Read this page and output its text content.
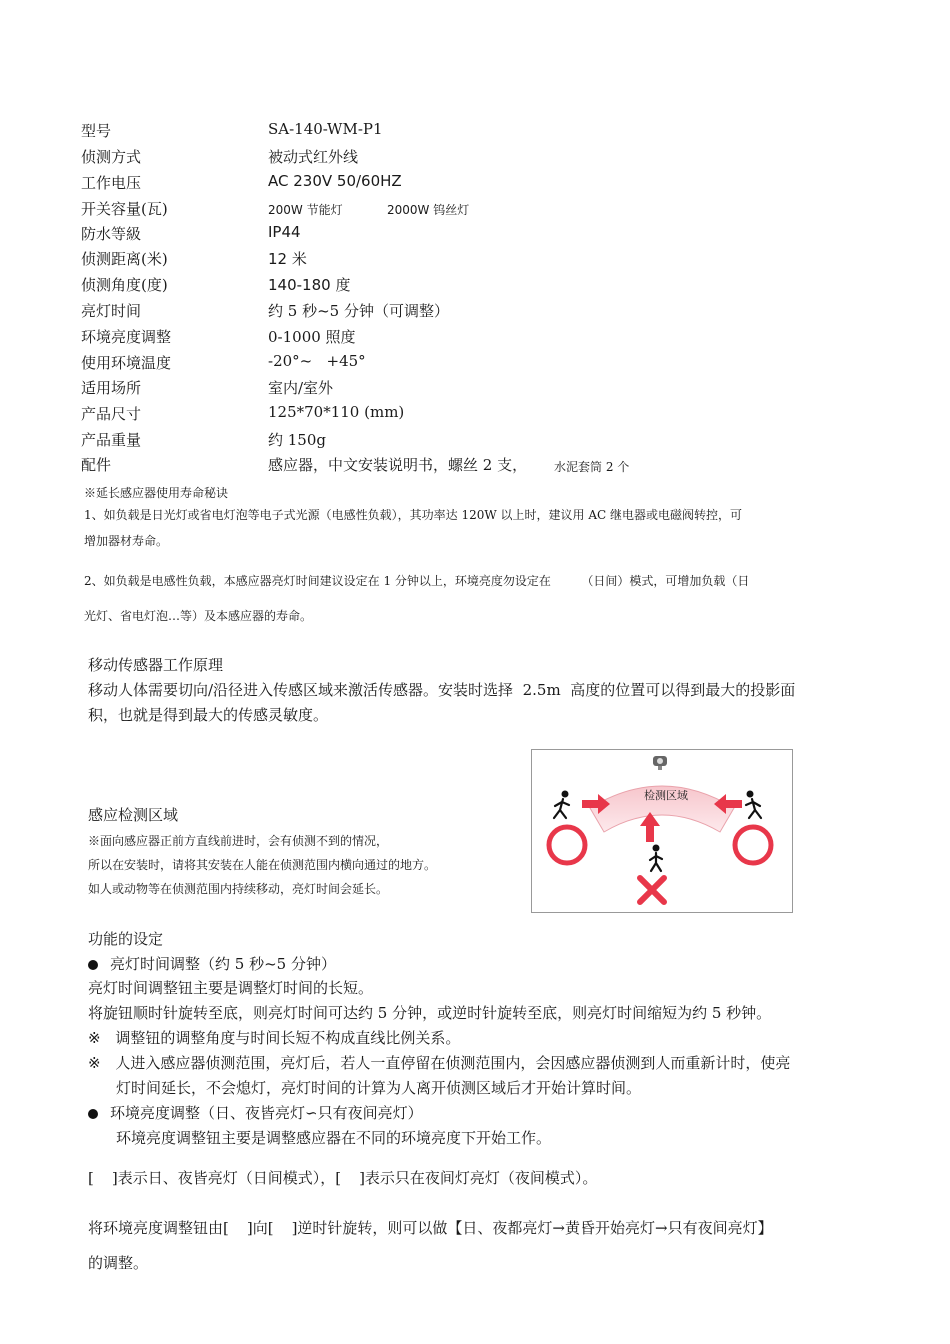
型号	SA-140-WM-P1
侦测方式	被动式红外线
工作电压	AC 230V 50/60HZ
开关容量(瓦)	200W 节能灯	2000W 钨丝灯
防水等級	IP44
侦测距离(米)	12 米
侦测角度(度)	140-180 度
亮灯时间	约 5 秒~5 分钟（可调整）
环境亮度调整	0-1000 照度
使用环境温度	-20°~   +45°
适用场所	室内/室外
产品尺寸	125*70*110 (mm)
产品重量	约 150g
配件	感应器，中文安装说明书，螺丝 2 支， 水泥套筒 2 个
※延长感应器使用寿命秘诀
1、如负载是日光灯或省电灯泡等电子式光源（电感性负载），其功率达 120W 以上时，建议用 AC 继电器或电磁阀转控，可
增加器材寿命。
2、如负载是电感性负载，本感应器亮灯时间建议设定在 1 分钟以上，环境亮度勿设定在        （日间）模式，可增加负载（日
光灯、省电灯泡…等）及本感应器的寿命。
移动传感器工作原理
移动人体需要切向/沿径进入传感区域来激活传感器。安装时选择  2.5m  高度的位置可以得到最大的投影面
积，也就是得到最大的传感灵敏度。
感应检测区域
※面向感应器正前方直线前进时，会有侦测不到的情况，
所以在安装时，请将其安装在人能在侦测范围内横向通过的地方。
如人或动物等在侦测范围内持续移动，亮灯时间会延长。
检测区域
功能的设定
亮灯时间调整（约 5 秒~5 分钟）
亮灯时间调整钮主要是调整灯时间的长短。
将旋钮顺时针旋转至底，则亮灯时间可达约 5 分钟，或逆时针旋转至底，则亮灯时间缩短为约 5 秒钟。
※ 调整钮的调整角度与时间长短不构成直线比例关系。
※ 人进入感应器侦测范围，亮灯后，若人一直停留在侦测范围内，会因感应器侦测到人而重新计时，使亮
灯时间延长，不会熄灯，亮灯时间的计算为人离开侦测区域后才开始计算时间。
环境亮度调整（日、夜皆亮灯∽只有夜间亮灯）
环境亮度调整钮主要是调整感应器在不同的环境亮度下开始工作。
[ ]表示日、夜皆亮灯（日间模式），[ ]表示只在夜间灯亮灯（夜间模式）。
将环境亮度调整钮由[ ]向[ ]逆时针旋转，则可以做【日、夜都亮灯→黄昏开始亮灯→只有夜间亮灯】
的调整。
